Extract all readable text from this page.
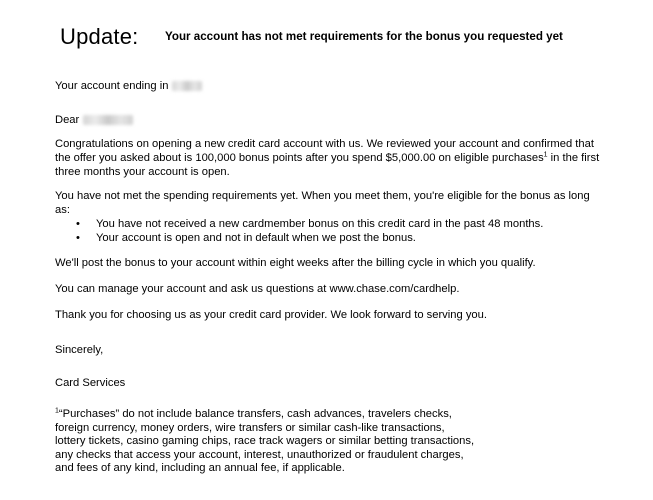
Update: Your account has not met requirements for the bonus you requested yet
Your account ending in
Dear
Congratulations on opening a new credit card account with us. We reviewed your account and confirmed that the offer you asked about is 100,000 bonus points after you spend $5,000.00 on eligible purchases$^1$ in the first three months your account is open.
You have not met the spending requirements yet. When you meet them, you're eligible for the bonus as long as:
• You have not received a new cardmember bonus on this credit card in the past 48 months.
• Your account is open and not in default when we post the bonus.
We'll post the bonus to your account within eight weeks after the billing cycle in which you qualify.
You can manage your account and ask us questions at www.chase.com/cardhelp.
Thank you for choosing us as your credit card provider. We look forward to serving you.
Sincerely,
Card Services
$^1$“Purchases” do not include balance transfers, cash advances, travelers checks, foreign currency, money orders, wire transfers or similar cash-like transactions, lottery tickets, casino gaming chips, race track wagers or similar betting transactions, any checks that access your account, interest, unauthorized or fraudulent charges, and fees of any kind, including an annual fee, if applicable.
